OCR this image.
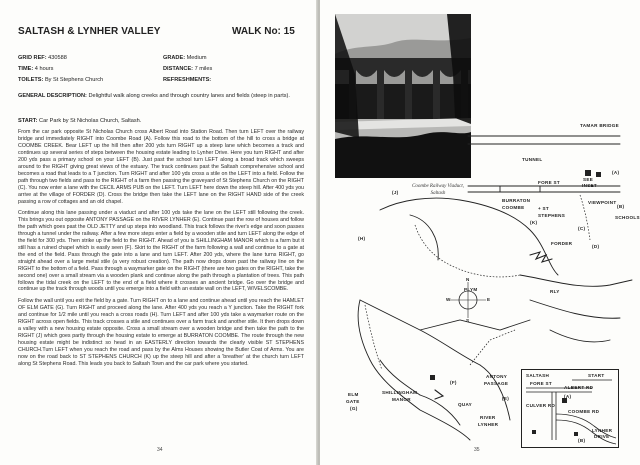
SALTASH & LYNHER VALLEY	WALK No: 15
GRID REF: 430588	GRADE: Medium
TIME: 4 hours	DISTANCE: 7 miles
TOILETS: By St Stephens Church	REFRESHMENTS:
GENERAL DESCRIPTION: Delightful walk along creeks and through country lanes and fields (steep in parts).
START: Car Park by St Nicholas Church, Saltash.

From the car park opposite St Nicholas Church cross Albert Road into Station Road. Then turn LEFT over the railway bridge and immediately RIGHT into Coombe Road (A). Follow this road to the bottom of the hill to cross a bridge at COOMBE CREEK. Bear LEFT up the hill then after 200 yds turn RIGHT up a steep lane which becomes a track and continues up several series of steps between the housing estate leading to Lynher Drive. Here you turn RIGHT and after 200 yds pass a primary school on your LEFT (B). Just past the school turn LEFT along a broad track which sweeps around to the RIGHT giving great views of the estuary. The track continues past the Saltash comprehensive school and becomes a road that leads to a T junction. Turn RIGHT and after 100 yds cross a stile on the LEFT into a field. Follow the path through two fields and pass to the RIGHT of a farm then passing the graveyard of St Stephens Church on the RIGHT (C). You now enter a lane with the CECIL ARMS PUB on the LEFT. Turn LEFT here down the steep hill. After 400 yds you arrive at the village of FORDER (D). Cross the bridge then take the LEFT lane on the RIGHT HAND side of the creek passing a row of cottages and an old chapel.

Continue along this lane passing under a viaduct and after 100 yds take the lane on the LEFT still following the creek. This brings you out opposite ANTONY PASSAGE on the RIVER LYNHER (E). Continue past the row of houses and follow the path which goes past the OLD JETTY and up steps into woodland. This track follows the river's edge and soon passes through a tunnel under the railway. After a few more steps enter a field by a wooden stile and turn LEFT along the edge of the field for 300 yds. Then strike up the field to the RIGHT. Ahead of you is SHILLINGHAM MANOR which is a farm but it still has a ruined chapel which is easily seen (F). Skirt to the RIGHT of the farm following a wall and continue to a gate at the end of the field. Pass through the gate into a lane and turn LEFT. After 200 yds, where the lane turns RIGHT, go straight ahead over a large metal stile (a very robust creation). The path now drops down past the railway line on the RIGHT to the bottom of a field. Pass through a waymarker gate on the RIGHT (there are two gates on the RIGHT, take the second one) over a small stream via a wooden plank and continue along the path through a plantation of trees. This path follows the tidal creek on the LEFT to the end of a field where it crosses an ancient bridge. Go over the bridge and continue up the track through woods until you emerge into a field with an estate wall on the LEFT, WIVELSCOMBE.

Follow the wall until you exit the field by a gate. Turn RIGHT on to a lane and continue ahead until you reach the HAMLET OF ELM GATE (G). Turn RIGHT and proceed along the lane. After 400 yds you reach a Y junction. Take the RIGHT fork and continue for 1/2 mile until you reach a cross roads (H). Turn LEFT and after 100 yds take a waymarker route on the RIGHT across open fields. This track crosses a stile and continues over a farm track and another stile. It then drops down a valley with a new housing estate opposite. Cross a small stream over a wooden bridge and then take the path to the RIGHT (J) which goes partly through the housing estate to emerge at BURRATON COOMBE. The route through the new housing estate might be indistinct so head in an EASTERLY direction towards the clearly visible ST STEPHENS CHURCH.Turn LEFT when you reach the road and pass by the Alms Houses showing the Butler Coat of Arms. You are now on the road back to ST STEPHENS CHURCH (K) up the steep hill and after a 'breather' at the church turn LEFT along St Stephens Road. This leads you back to Saltash Town and the car park where you started.

34
Coombe Railway Viaduct,
Saltash
TAMAR BRIDGE
TUNNEL
FORE ST
SEE
INSET
VIEWPOINT
SCHOOLS
BURRATON
COOMBE	+ ST
STEPHENS
FORDER
RLY
PLYM
N
S
W	E
ELM
GATE
SHILLINGHAM
MANOR
ANTONY
PASSAGE
QUAY
RIVER
LYNHER
(J)
(H)
(K)
(D)
(C)
(B)
(A)
(F)
(E)
(G)
SALTASH	START
FORE ST
ALBERT RD
CULVER RD
COOMBE RD
LYNHER
DRIVE
(A)
(B)
35
